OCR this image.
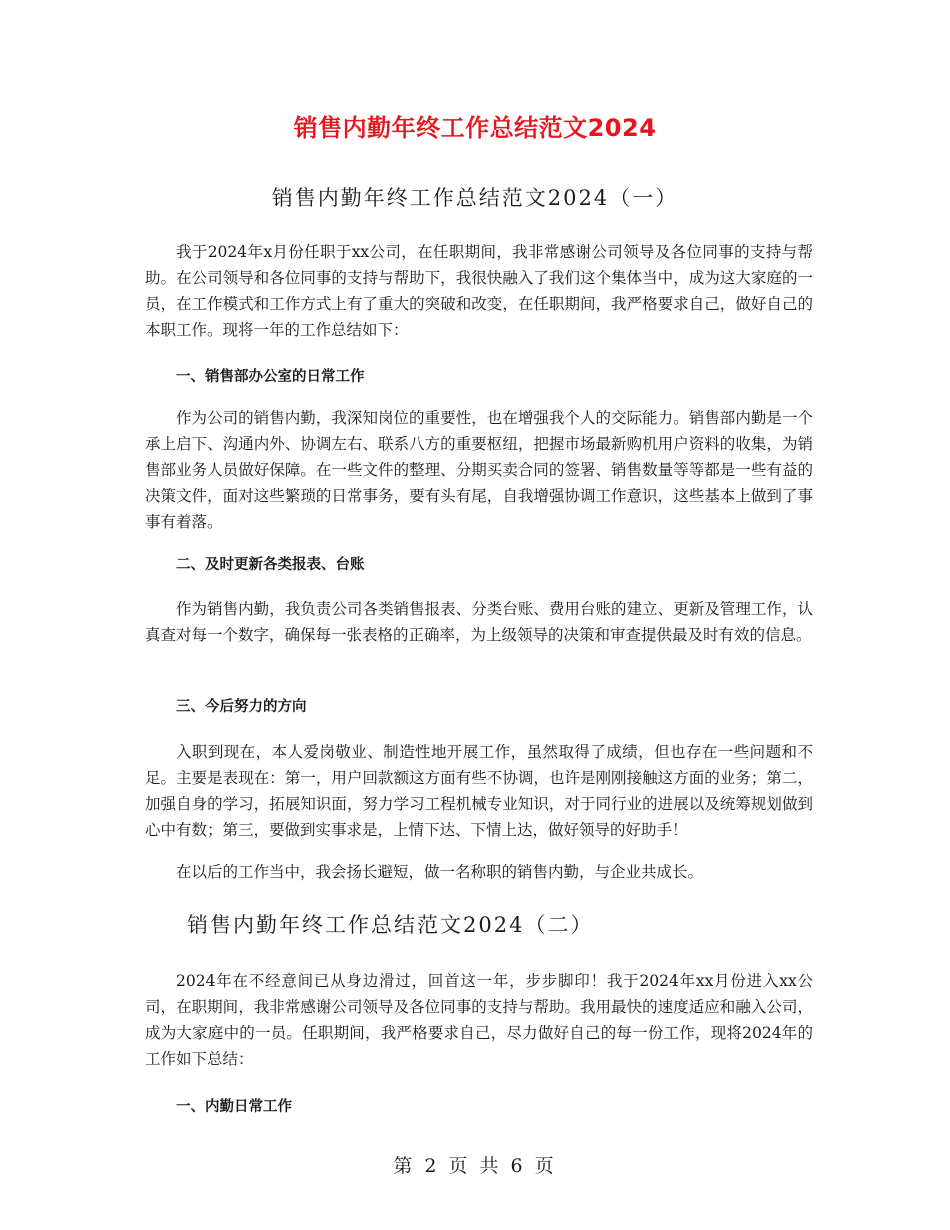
销售内勤年终工作总结范文2024
销售内勤年终工作总结范文2024（一）

我于2024年x月份任职于xx公司，在任职期间，我非常感谢公司领导及各位同事的支持与帮助。在公司领导和各位同事的支持与帮助下，我很快融入了我们这个集体当中，成为这大家庭的一员，在工作模式和工作方式上有了重大的突破和改变，在任职期间，我严格要求自己，做好自己的本职工作。现将一年的工作总结如下：

一、销售部办公室的日常工作

作为公司的销售内勤，我深知岗位的重要性，也在增强我个人的交际能力。销售部内勤是一个承上启下、沟通内外、协调左右、联系八方的重要枢纽，把握市场最新购机用户资料的收集，为销售部业务人员做好保障。在一些文件的整理、分期买卖合同的签署、销售数量等等都是一些有益的决策文件，面对这些繁琐的日常事务，要有头有尾，自我增强协调工作意识，这些基本上做到了事事有着落。

二、及时更新各类报表、台账

作为销售内勤，我负责公司各类销售报表、分类台账、费用台账的建立、更新及管理工作，认真查对每一个数字，确保每一张表格的正确率，为上级领导的决策和审查提供最及时有效的信息。

三、今后努力的方向

入职到现在，本人爱岗敬业、制造性地开展工作，虽然取得了成绩，但也存在一些问题和不足。主要是表现在：第一，用户回款额这方面有些不协调，也许是刚刚接触这方面的业务；第二，加强自身的学习，拓展知识面，努力学习工程机械专业知识，对于同行业的进展以及统筹规划做到心中有数；第三，要做到实事求是，上情下达、下情上达，做好领导的好助手！

在以后的工作当中，我会扬长避短，做一名称职的销售内勤，与企业共成长。

销售内勤年终工作总结范文2024（二）

2024年在不经意间已从身边滑过，回首这一年，步步脚印！我于2024年xx月份进入xx公司，在职期间，我非常感谢公司领导及各位同事的支持与帮助。我用最快的速度适应和融入公司，成为大家庭中的一员。任职期间，我严格要求自己，尽力做好自己的每一份工作，现将2024年的工作如下总结：

一、内勤日常工作

第 2 页 共 6 页
